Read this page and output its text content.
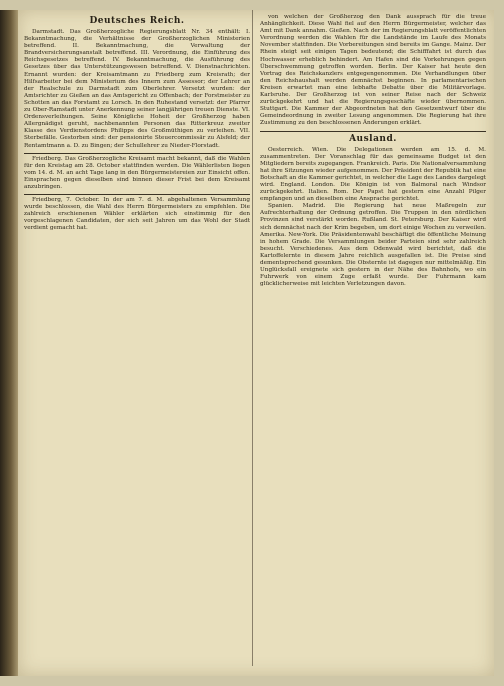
Deutsches Reich.

Darmstadt. Das Großherzogliche Regierungsblatt Nr. 34 enthält: I. Bekanntmachung, die Verhältnisse der Großherzoglichen Ministerien betreffend. II. Bekanntmachung, die Verwaltung der Brandversicherungsanstalt betreffend. III. Verordnung, die Einführung des Reichsgesetzes betreffend. IV. Bekanntmachung, die Ausführung des Gesetzes über das Unterstützungswesen betreffend. V. Dienstnachrichten. Ernannt wurden: der Kreisamtmann zu Friedberg zum Kreisrath; der Hilfsarbeiter bei dem Ministerium des Innern zum Assessor; der Lehrer an der Realschule zu Darmstadt zum Oberlehrer. Versetzt wurden: der Amtsrichter zu Gießen an das Amtsgericht zu Offenbach; der Forstmeister zu Schotten an das Forstamt zu Lorsch. In den Ruhestand versetzt: der Pfarrer zu Ober-Ramstadt unter Anerkennung seiner langjährigen treuen Dienste. VI. Ordensverleihungen. Seine Königliche Hoheit der Großherzog haben Allergnädigst geruht, nachbenannten Personen das Ritterkreuz zweiter Klasse des Verdienstordens Philipps des Großmüthigen zu verleihen. VII. Sterbefälle. Gestorben sind: der pensionirte Steuercommissär zu Alsfeld; der Rentamtmann a. D. zu Bingen; der Schullehrer zu Nieder-Florstadt.

Friedberg. Das Großherzogliche Kreisamt macht bekannt, daß die Wahlen für den Kreistag am 28. October stattfinden werden. Die Wählerlisten liegen vom 14. d. M. an acht Tage lang in den Bürgermeistereien zur Einsicht offen. Einsprachen gegen dieselben sind binnen dieser Frist bei dem Kreisamt anzubringen.

Friedberg, 7. October. In der am 7. d. M. abgehaltenen Versammlung wurde beschlossen, die Wahl des Herrn Bürgermeisters zu empfehlen. Die zahlreich erschienenen Wähler erklärten sich einstimmig für den vorgeschlagenen Candidaten, der sich seit Jahren um das Wohl der Stadt verdient gemacht hat.

von welchen der Großherzog den Dank aussprach für die treue Anhänglichkeit. Diese Wahl fiel auf den Herrn Bürgermeister, welcher das Amt mit Dank annahm. Gießen. Nach der im Regierungsblatt veröffentlichten Verordnung werden die Wahlen für die Landstände im Laufe des Monats November stattfinden. Die Vorbereitungen sind bereits im Gange. Mainz. Der Rhein steigt seit einigen Tagen bedeutend; die Schifffahrt ist durch das Hochwasser erheblich behindert. Am Hafen sind die Vorkehrungen gegen Überschwemmung getroffen worden. Berlin. Der Kaiser hat heute den Vortrag des Reichskanzlers entgegengenommen. Die Verhandlungen über den Reichshaushalt werden demnächst beginnen. In parlamentarischen Kreisen erwartet man eine lebhafte Debatte über die Militärvorlage. Karlsruhe. Der Großherzog ist von seiner Reise nach der Schweiz zurückgekehrt und hat die Regierungsgeschäfte wieder übernommen. Stuttgart. Die Kammer der Abgeordneten hat den Gesetzentwurf über die Gemeindeordnung in zweiter Lesung angenommen. Die Regierung hat ihre Zustimmung zu den beschlossenen Änderungen erklärt.

Ausland.

Oesterreich. Wien. Die Delegationen werden am 15. d. M. zusammentreten. Der Voranschlag für das gemeinsame Budget ist den Mitgliedern bereits zugegangen. Frankreich. Paris. Die Nationalversammlung hat ihre Sitzungen wieder aufgenommen. Der Präsident der Republik hat eine Botschaft an die Kammer gerichtet, in welcher die Lage des Landes dargelegt wird. England. London. Die Königin ist von Balmoral nach Windsor zurückgekehrt. Italien. Rom. Der Papst hat gestern eine Anzahl Pilger empfangen und an dieselben eine Ansprache gerichtet.

Spanien. Madrid. Die Regierung hat neue Maßregeln zur Aufrechterhaltung der Ordnung getroffen. Die Truppen in den nördlichen Provinzen sind verstärkt worden. Rußland. St. Petersburg. Der Kaiser wird sich demnächst nach der Krim begeben, um dort einige Wochen zu verweilen. Amerika. New-York. Die Präsidentenwahl beschäftigt die öffentliche Meinung in hohem Grade. Die Versammlungen beider Parteien sind sehr zahlreich besucht. Verschiedenes. Aus dem Odenwald wird berichtet, daß die Kartoffelernte in diesem Jahre reichlich ausgefallen ist. Die Preise sind dementsprechend gesunken. Die Obsternte ist dagegen nur mittelmäßig. Ein Unglücksfall ereignete sich gestern in der Nähe des Bahnhofs, wo ein Fuhrwerk von einem Zuge erfaßt wurde. Der Fuhrmann kam glücklicherweise mit leichten Verletzungen davon.
